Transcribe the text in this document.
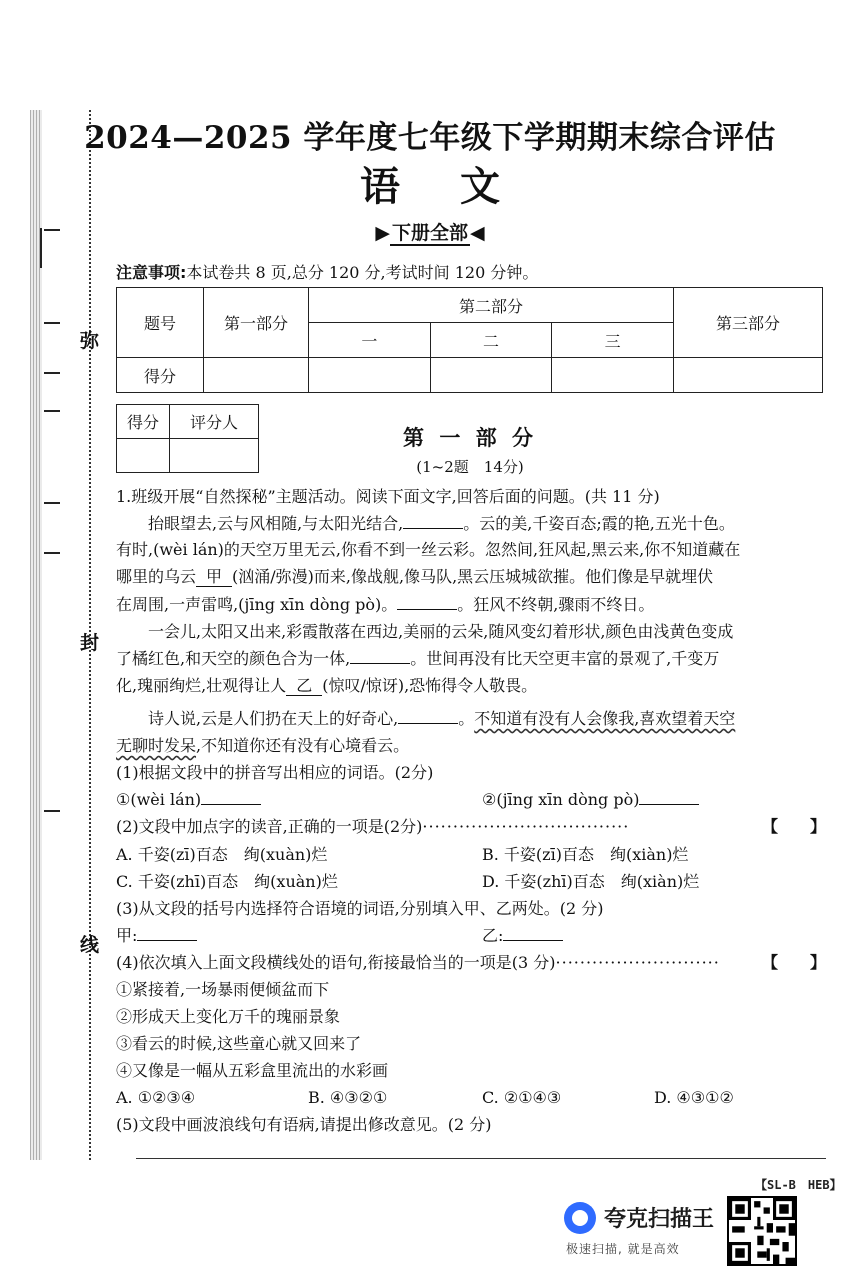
弥
封
线
2024—2025 学年度七年级下学期期末综合评估
语文
▶ 下册全部 ◀
注意事项:本试卷共 8 页,总分 120 分,考试时间 120 分钟。
题号	第一部分	第二部分			第三部分
		一	二	三	
得分					
得分	评分人

第 一 部 分
(1~2题　14分)
1.班级开展“自然探秘”主题活动。阅读下面文字,回答后面的问题。(共 11 分)
抬眼望去,云与风相随,与太阳光结合,	。云的美,千姿百态;霞的艳,五光十色。
有时,(wèi lán)的天空万里无云,你看不到一丝云彩。忽然间,狂风起,黑云来,你不知道藏在
哪里的乌云 甲 (汹涌/弥漫)而来,像战舰,像马队,黑云压城城欲摧。他们像是早就埋伏
在周围,一声雷鸣,(jīng xīn dòng pò)。	。狂风不终朝,骤雨不终日。
一会儿,太阳又出来,彩霞散落在西边,美丽的云朵,随风变幻着形状,颜色由浅黄色变成
了橘红色,和天空的颜色合为一体,	。世间再没有比天空更丰富的景观了,千变万
化,瑰丽绚烂,壮观得让人 乙 (惊叹/惊讶),恐怖得令人敬畏。
诗人说,云是人们扔在天上的好奇心,	。不知道有没有人会像我,喜欢望着天空
无聊时发呆,不知道你还有没有心境看云。
(1)根据文段中的拼音写出相应的词语。(2分)
①(wèi lán)	②(jīng xīn dòng pò)
(2)文段中加点字的读音,正确的一项是(2分)··································	【　　】
A. 千姿(zī)百态　绚(xuàn)烂	B. 千姿(zī)百态　绚(xiàn)烂
C. 千姿(zhī)百态　绚(xuàn)烂	D. 千姿(zhī)百态　绚(xiàn)烂
(3)从文段的括号内选择符合语境的词语,分别填入甲、乙两处。(2 分)
甲:	乙:
(4)依次填入上面文段横线处的语句,衔接最恰当的一项是(3 分)···························	【　　】
①紧接着,一场暴雨便倾盆而下
②形成天上变化万千的瑰丽景象
③看云的时候,这些童心就又回来了
④又像是一幅从五彩盒里流出的水彩画
A. ①②③④	B. ④③②①	C. ②①④③	D. ④③①②
(5)文段中画波浪线句有语病,请提出修改意见。(2 分)
【SL-B　HEB】
夸克扫描王
极速扫描, 就是高效
